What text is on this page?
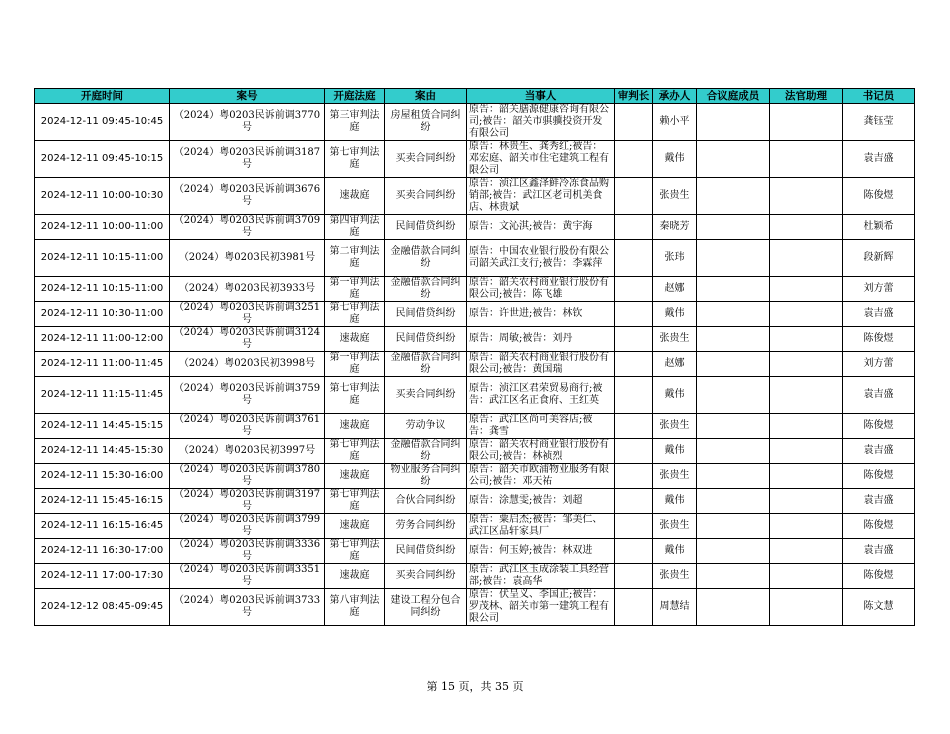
开庭时间	案号	开庭法庭	案由	当事人	审判长	承办人	合议庭成员	法官助理	书记员
2024-12-11 09:45-10:45	（2024）粤0203民诉前调3770号	第三审判法庭	房屋租赁合同纠纷	原告：韶关膳源健康咨询有限公司;被告：韶关市骐骥投资开发有限公司		赖小平			龚钰莹
2024-12-11 09:45-10:15	（2024）粤0203民诉前调3187号	第七审判法庭	买卖合同纠纷	原告：林贵生、龚秀红;被告：邓宏庭、韶关市住宅建筑工程有限公司		戴伟			袁吉盛
2024-12-11 10:00-10:30	（2024）粤0203民诉前调3676号	速裁庭	买卖合同纠纷	原告：浈江区鑫泽鲜冷冻食品购销部;被告：武江区老司机美食店、林贵斌		张贵生			陈俊煜
2024-12-11 10:00-11:00	（2024）粤0203民诉前调3709号	第四审判法庭	民间借贷纠纷	原告：文沁淇;被告：黄宇海		秦晓芳			杜颖希
2024-12-11 10:15-11:00	（2024）粤0203民初3981号	第二审判法庭	金融借款合同纠纷	原告：中国农业银行股份有限公司韶关武江支行;被告：李霖萍		张玮			段新辉
2024-12-11 10:15-11:00	（2024）粤0203民初3933号	第一审判法庭	金融借款合同纠纷	原告：韶关农村商业银行股份有限公司;被告：陈飞雄		赵娜			刘方蕾
2024-12-11 10:30-11:00	（2024）粤0203民诉前调3251号	第七审判法庭	民间借贷纠纷	原告：许世进;被告：林钦		戴伟			袁吉盛
2024-12-11 11:00-12:00	（2024）粤0203民诉前调3124号	速裁庭	民间借贷纠纷	原告：周敏;被告：刘丹		张贵生			陈俊煜
2024-12-11 11:00-11:45	（2024）粤0203民初3998号	第一审判法庭	金融借款合同纠纷	原告：韶关农村商业银行股份有限公司;被告：黄国瑞		赵娜			刘方蕾
2024-12-11 11:15-11:45	（2024）粤0203民诉前调3759号	第七审判法庭	买卖合同纠纷	原告：浈江区君荣贸易商行;被告：武江区名正食府、王红英		戴伟			袁吉盛
2024-12-11 14:45-15:15	（2024）粤0203民诉前调3761号	速裁庭	劳动争议	原告：武江区尚可美容店;被告：龚雪		张贵生			陈俊煜
2024-12-11 14:45-15:30	（2024）粤0203民初3997号	第七审判法庭	金融借款合同纠纷	原告：韶关农村商业银行股份有限公司;被告：林祯烈		戴伟			袁吉盛
2024-12-11 15:30-16:00	（2024）粤0203民诉前调3780号	速裁庭	物业服务合同纠纷	原告：韶关市欧浦物业服务有限公司;被告：邓天祐		张贵生			陈俊煜
2024-12-11 15:45-16:15	（2024）粤0203民诉前调3197号	第七审判法庭	合伙合同纠纷	原告：涂慧雯;被告：刘超		戴伟			袁吉盛
2024-12-11 16:15-16:45	（2024）粤0203民诉前调3799号	速裁庭	劳务合同纠纷	原告：粟启杰;被告：邹美仁、武江区品轩家具厂		张贵生			陈俊煜
2024-12-11 16:30-17:00	（2024）粤0203民诉前调3336号	第七审判法庭	民间借贷纠纷	原告：何玉婷;被告：林双进		戴伟			袁吉盛
2024-12-11 17:00-17:30	（2024）粤0203民诉前调3351号	速裁庭	买卖合同纠纷	原告：武江区玉成涂装工具经营部;被告：袁高华		张贵生			陈俊煜
2024-12-12 08:45-09:45	（2024）粤0203民诉前调3733号	第八审判法庭	建设工程分包合同纠纷	原告：伏呈义、李国正;被告：罗茂林、韶关市第一建筑工程有限公司		周慧结			陈文慧
第 15 页，共 35 页
